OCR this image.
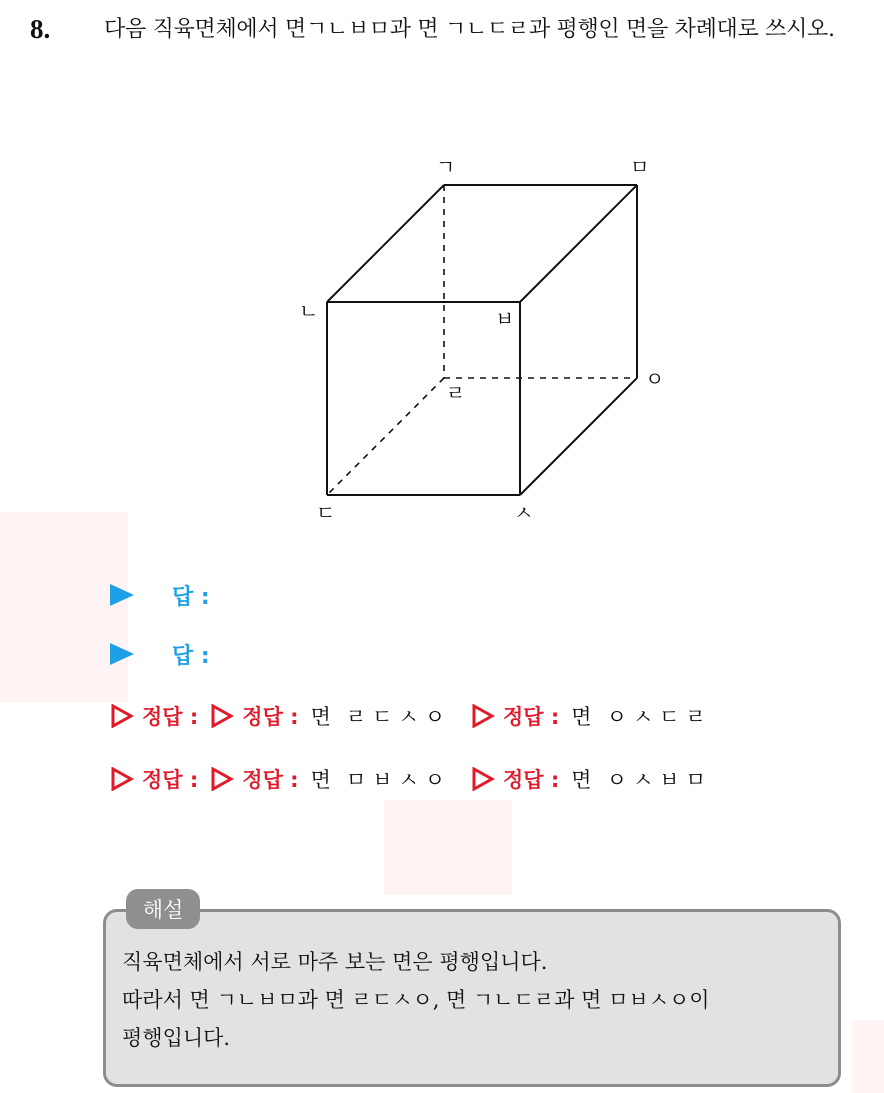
8. 다음 직육면체에서 면ㄱㄴㅂㅁ과 면 ㄱㄴㄷㄹ과 평행인 면을 차례대로 쓰시오.
ㄱ	ㅁ
ㄴ	ㅂ
ㄹ
ㅇ
ㄷ	ㅅ
답 :
답 :
정답 : 정답 : 면 ㄹㄷㅅㅇ 정답 : 면 ㅇㅅㄷㄹ
정답 : 정답 : 면 ㅁㅂㅅㅇ 정답 : 면 ㅇㅅㅂㅁ
해설
직육면체에서 서로 마주 보는 면은 평행입니다.
따라서 면 ㄱㄴㅂㅁ과 면 ㄹㄷㅅㅇ, 면 ㄱㄴㄷㄹ과 면 ㅁㅂㅅㅇ이
평행입니다.
